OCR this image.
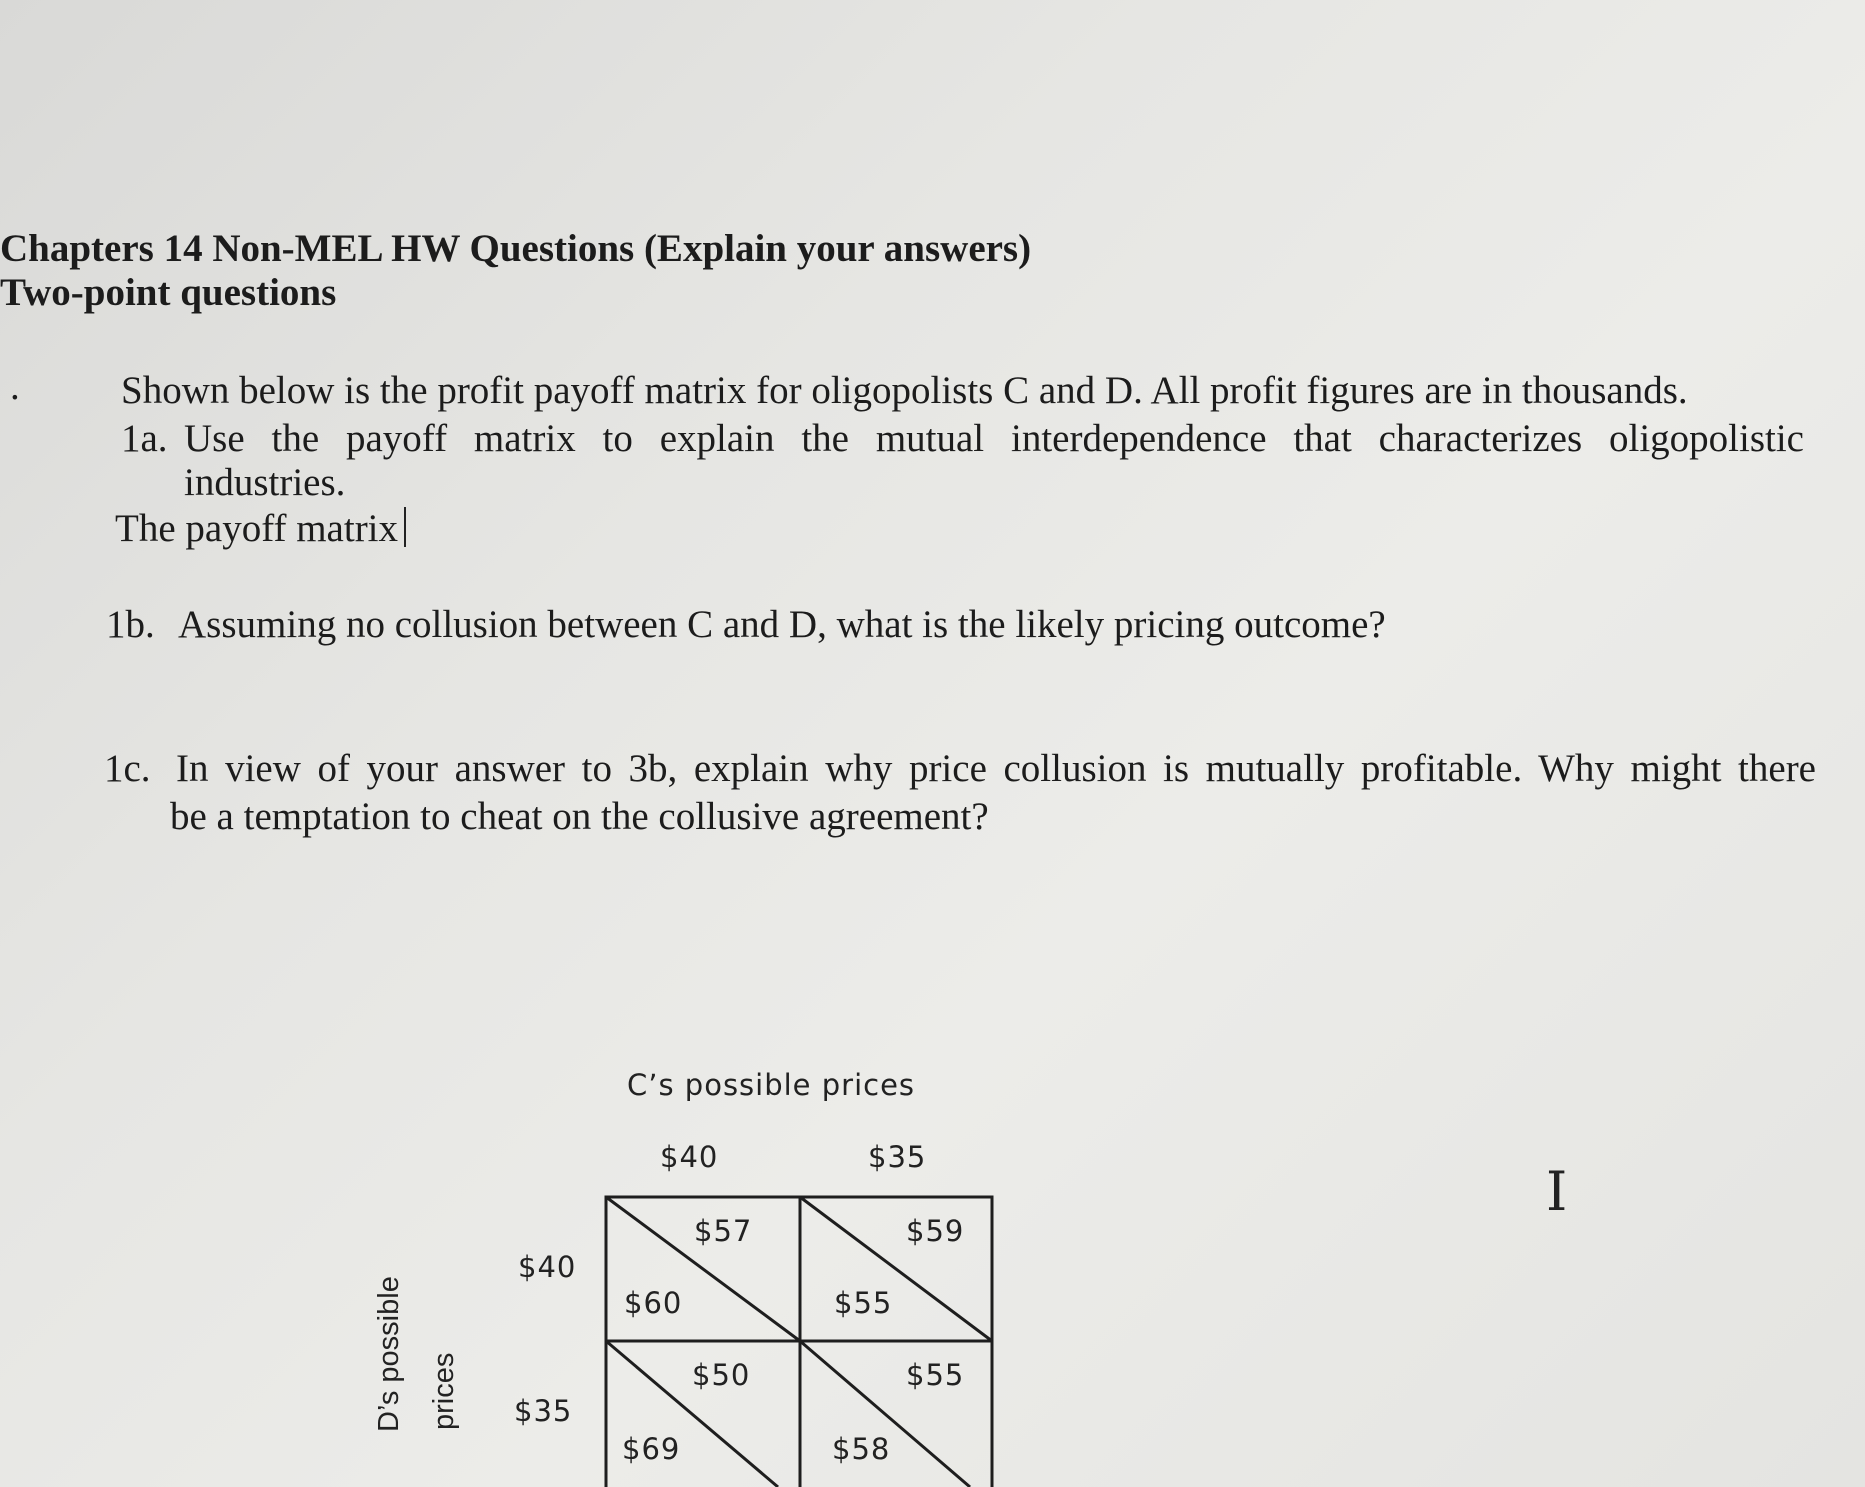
Chapters 14 Non-MEL HW Questions (Explain your answers)
Two-point questions
.	Shown below is the profit payoff matrix for oligopolists C and D. All profit figures are in thousands.
1a. Use the payoff matrix to explain the mutual interdependence that characterizes oligopolistic
industries.
The payoff matrix
1b. Assuming no collusion between C and D, what is the likely pricing outcome?
1c. In view of your answer to 3b, explain why price collusion is mutually profitable. Why might there
be a temptation to cheat on the collusive agreement?
C’s possible prices
$40	$35
$40
$35
D’s possible prices
$57
$60
$59
$55
$50
$69
$55
$58
I
